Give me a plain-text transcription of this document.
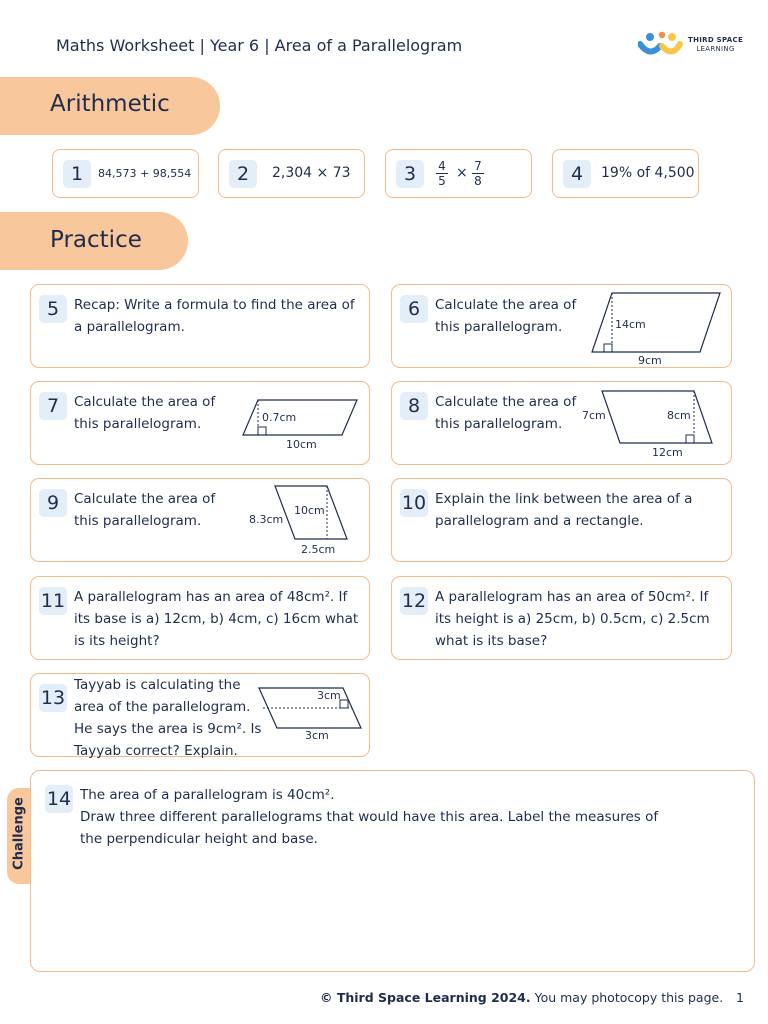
Maths Worksheet | Year 6 | Area of a Parallelogram	THIRD SPACE
LEARNING
Arithmetic
1	84,573 + 98,554	2	2,304 × 73	3	$\frac{4}{5} \times \frac{7}{8}$	4	19% of 4,500
Practice
5	Recap: Write a formula to find the area of
a parallelogram.
6	Calculate the area of
this parallelogram.	14cm
9cm
7	Calculate the area of
this parallelogram.	0.7cm
10cm
8	Calculate the area of
this parallelogram.
7cm	8cm
12cm
9	Calculate the area of
this parallelogram.
10cm
8.3cm
2.5cm
10 Explain the link between the area of a
parallelogram and a rectangle.
11 A parallelogram has an area of 48cm². If
its base is a) 12cm, b) 4cm, c) 16cm what
is its height?
12 A parallelogram has an area of 50cm². If
its height is a) 25cm, b) 0.5cm, c) 2.5cm
what is its base?
13
Tayyab is calculating the
area of the parallelogram.
He says the area is 9cm². Is
Tayyab correct? Explain.
3cm
3cm
Challenge 14 The area of a parallelogram is 40cm².
Draw three different parallelograms that would have this area. Label the measures of
the perpendicular height and base.
© Third Space Learning 2024. You may photocopy this page. 1
